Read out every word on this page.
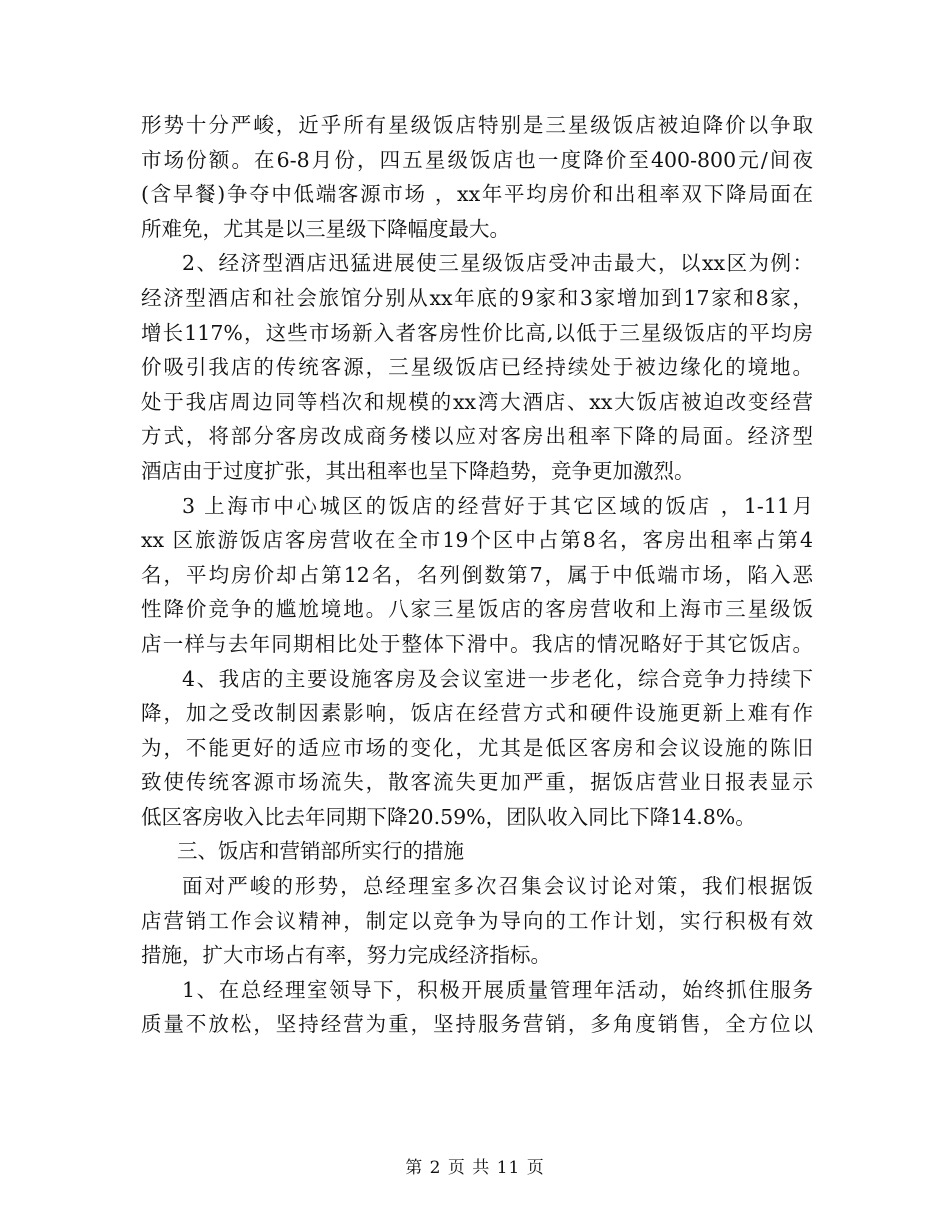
形势十分严峻，近乎所有星级饭店特别是三星级饭店被迫降价以争取
市场份额。在6-8月份，四五星级饭店也一度降价至400-800元/间夜
(含早餐)争夺中低端客源市场 ，xx年平均房价和出租率双下降局面在
所难免，尤其是以三星级下降幅度最大。
2、经济型酒店迅猛进展使三星级饭店受冲击最大，以xx区为例：
经济型酒店和社会旅馆分别从xx年底的9家和3家增加到17家和8家，
增长117%，这些市场新入者客房性价比高,以低于三星级饭店的平均房
价吸引我店的传统客源，三星级饭店已经持续处于被边缘化的境地。
处于我店周边同等档次和规模的xx湾大酒店、xx大饭店被迫改变经营
方式，将部分客房改成商务楼以应对客房出租率下降的局面。经济型
酒店由于过度扩张，其出租率也呈下降趋势，竞争更加激烈。
3 上海市中心城区的饭店的经营好于其它区域的饭店 ，1-11月
xx 区旅游饭店客房营收在全市19个区中占第8名，客房出租率占第4
名，平均房价却占第12名，名列倒数第7，属于中低端市场，陷入恶
性降价竞争的尴尬境地。八家三星饭店的客房营收和上海市三星级饭
店一样与去年同期相比处于整体下滑中。我店的情况略好于其它饭店。
4、我店的主要设施客房及会议室进一步老化，综合竞争力持续下
降，加之受改制因素影响，饭店在经营方式和硬件设施更新上难有作
为，不能更好的适应市场的变化，尤其是低区客房和会议设施的陈旧
致使传统客源市场流失，散客流失更加严重，据饭店营业日报表显示
低区客房收入比去年同期下降20.59%，团队收入同比下降14.8%。
三、饭店和营销部所实行的措施
面对严峻的形势，总经理室多次召集会议讨论对策，我们根据饭
店营销工作会议精神，制定以竞争为导向的工作计划，实行积极有效
措施，扩大市场占有率，努力完成经济指标。
1、在总经理室领导下，积极开展质量管理年活动，始终抓住服务
质量不放松，坚持经营为重，坚持服务营销，多角度销售，全方位以
第 2 页 共 11 页
